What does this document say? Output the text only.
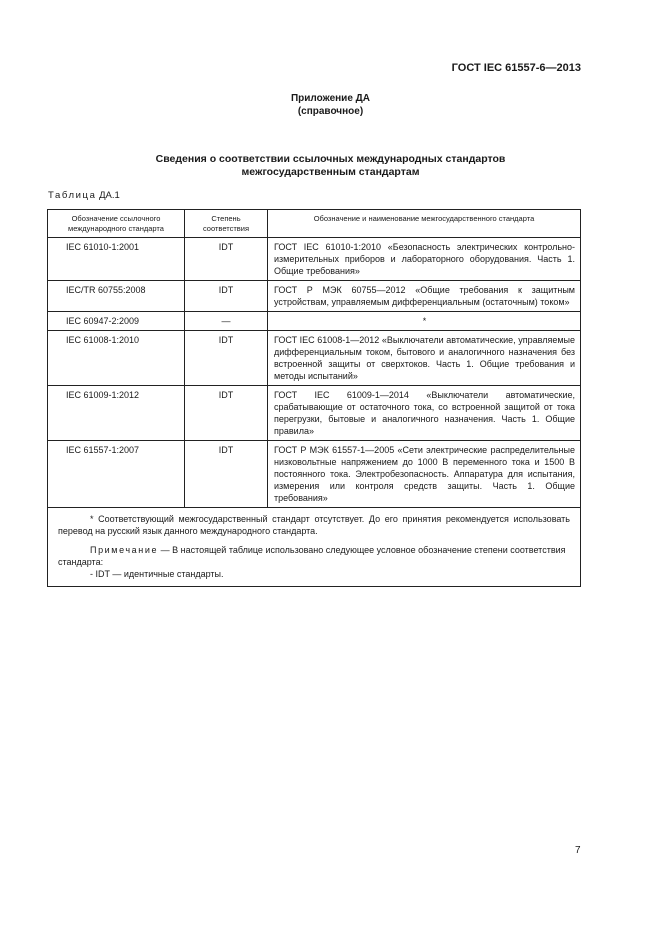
ГОСТ IEC 61557-6—2013
Приложение ДА
(справочное)
Сведения о соответствии ссылочных международных стандартов
межгосударственным стандартам
Таблица ДА.1
Обозначение ссылочного международного стандарта	Степень соответствия	Обозначение и наименование межгосударственного стандарта
IEC 61010-1:2001	IDT	ГОСТ IEC 61010-1:2010 «Безопасность электрических контрольно-измерительных приборов и лабораторного оборудования. Часть 1. Общие требования»
IEC/TR 60755:2008	IDT	ГОСТ Р МЭК 60755—2012 «Общие требования к защитным устройствам, управляемым дифференциальным (остаточным) током»
IEC 60947-2:2009	—	*
IEC 61008-1:2010	IDT	ГОСТ IEC 61008-1—2012 «Выключатели автоматические, управляемые дифференциальным током, бытового и аналогичного назначения без встроенной защиты от сверхтоков. Часть 1. Общие требования и методы испытаний»
IEC 61009-1:2012	IDT	ГОСТ IEC 61009-1—2014 «Выключатели автоматические, срабатывающие от остаточного тока, со встроенной защитой от тока перегрузки, бытовые и аналогичного назначения. Часть 1. Общие правила»
IEC 61557-1:2007	IDT	ГОСТ Р МЭК 61557-1—2005 «Сети электрические распределительные низковольтные напряжением до 1000 В переменного тока и 1500 В постоянного тока. Электробезопасность. Аппаратура для испытания, измерения или контроля средств защиты. Часть 1. Общие требования»

* Соответствующий межгосударственный стандарт отсутствует. До его принятия рекомендуется использовать перевод на русский язык данного международного стандарта.

Примечание — В настоящей таблице использовано следующее условное обозначение степени соответствия стандарта:

- IDT — идентичные стандарты.		

7
